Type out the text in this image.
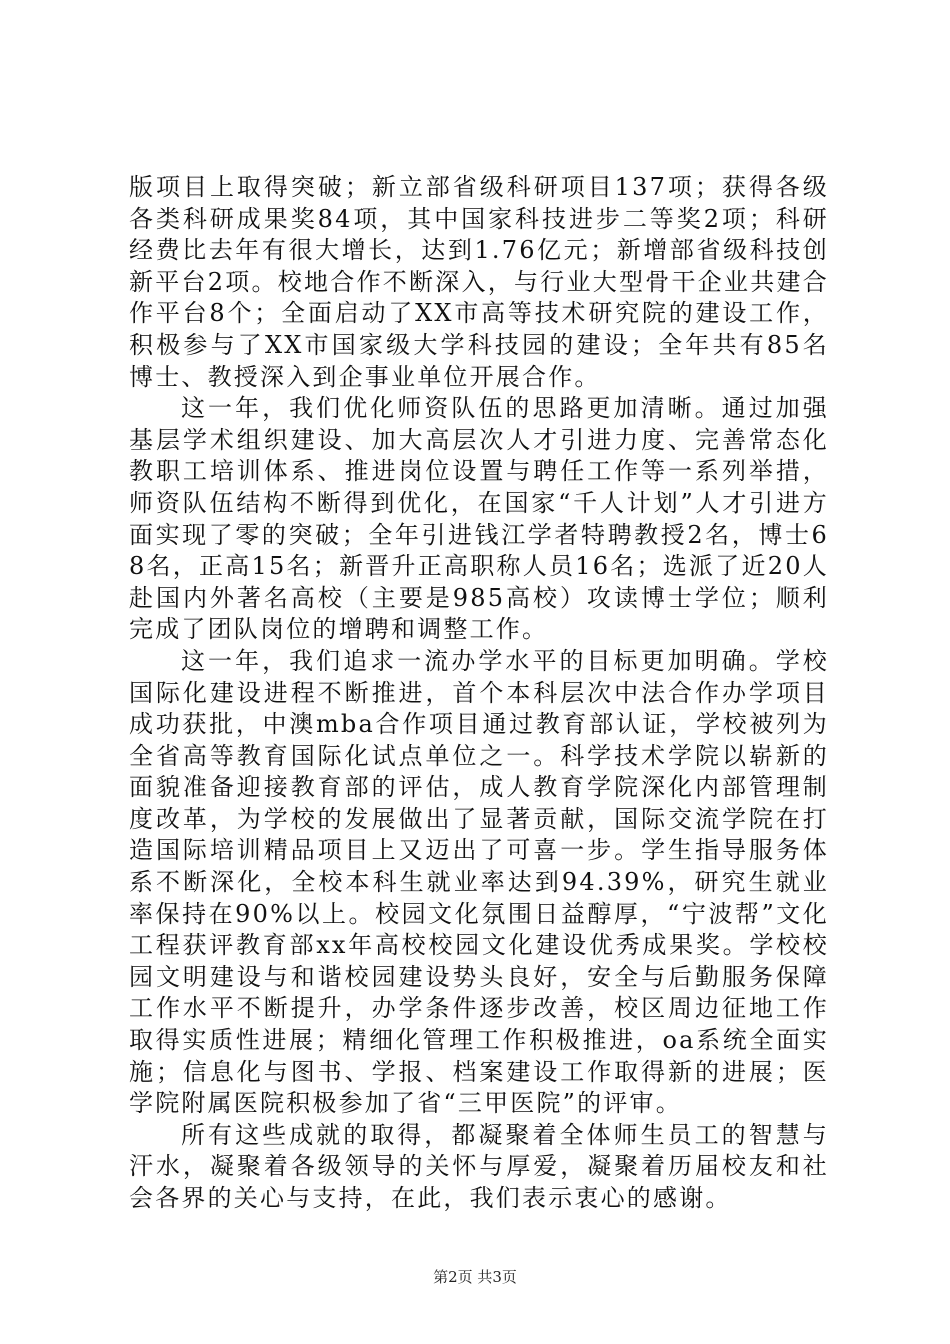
版项目上取得突破；新立部省级科研项目137项；获得各级各类科研成果奖84项，其中国家科技进步二等奖2项；科研经费比去年有很大增长，达到1.76亿元；新增部省级科技创新平台2项。校地合作不断深入，与行业大型骨干企业共建合作平台8个；全面启动了XX市高等技术研究院的建设工作，积极参与了XX市国家级大学科技园的建设；全年共有85名博士、教授深入到企事业单位开展合作。

这一年，我们优化师资队伍的思路更加清晰。通过加强基层学术组织建设、加大高层次人才引进力度、完善常态化教职工培训体系、推进岗位设置与聘任工作等一系列举措，师资队伍结构不断得到优化，在国家“千人计划”人才引进方面实现了零的突破；全年引进钱江学者特聘教授2名，博士68名，正高15名；新晋升正高职称人员16名；选派了近20人赴国内外著名高校（主要是985高校）攻读博士学位；顺利完成了团队岗位的增聘和调整工作。

这一年，我们追求一流办学水平的目标更加明确。学校国际化建设进程不断推进，首个本科层次中法合作办学项目成功获批，中澳mba合作项目通过教育部认证，学校被列为全省高等教育国际化试点单位之一。科学技术学院以崭新的面貌准备迎接教育部的评估，成人教育学院深化内部管理制度改革，为学校的发展做出了显著贡献，国际交流学院在打造国际培训精品项目上又迈出了可喜一步。学生指导服务体系不断深化，全校本科生就业率达到94.39%，研究生就业率保持在90%以上。校园文化氛围日益醇厚，“宁波帮”文化工程获评教育部xx年高校校园文化建设优秀成果奖。学校校园文明建设与和谐校园建设势头良好，安全与后勤服务保障工作水平不断提升，办学条件逐步改善，校区周边征地工作取得实质性进展；精细化管理工作积极推进，oa系统全面实施；信息化与图书、学报、档案建设工作取得新的进展；医学院附属医院积极参加了省“三甲医院”的评审。

所有这些成就的取得，都凝聚着全体师生员工的智慧与汗水，凝聚着各级领导的关怀与厚爱，凝聚着历届校友和社会各界的关心与支持，在此，我们表示衷心的感谢。

第2页 共3页
